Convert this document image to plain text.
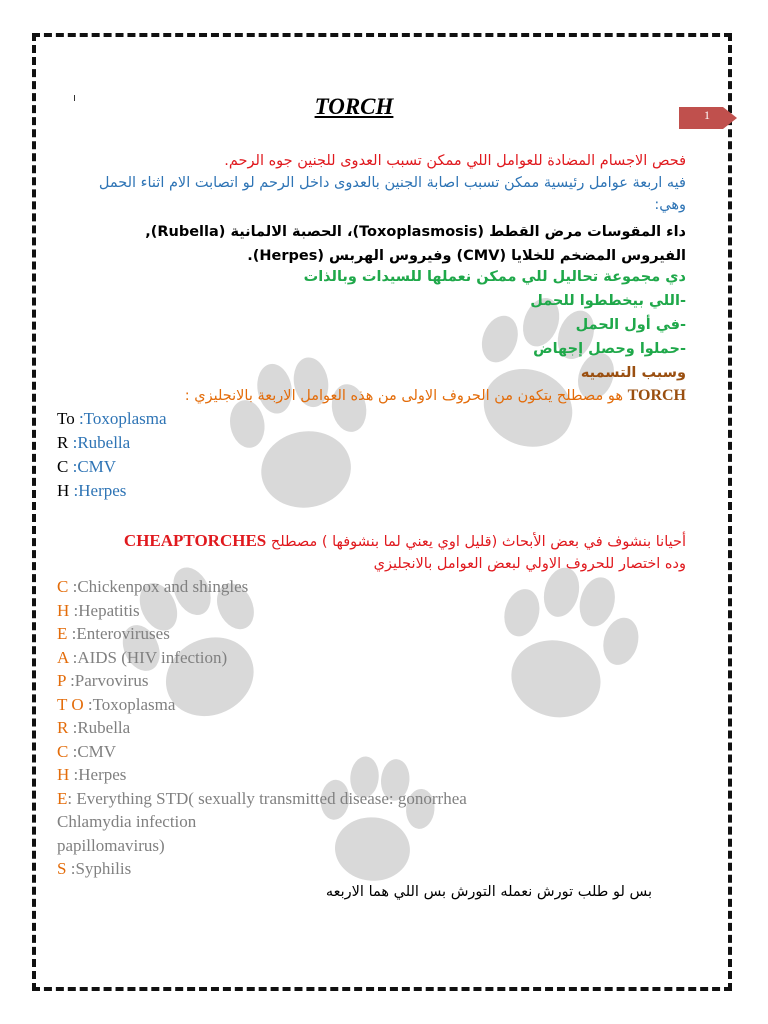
1
TORCH
فحص الاجسام المضادة للعوامل اللي ممكن تسبب العدوى للجنين جوه الرحم.
فيه اربعة عوامل رئيسية ممكن تسبب اصابة الجنين بالعدوى داخل الرحم لو اتصابت الام اثناء الحمل وهي:
داء المقوسات مرض القطط (Toxoplasmosis)، الحصبة الالمانية (Rubella), الفيروس المضخم للخلايا (CMV) وفيروس الهربس (Herpes).
دي مجموعة تحاليل للي ممكن نعملها للسيدات وبالذات
-اللي بيخططوا للحمل
-في أول الحمل
-حملوا وحصل إجهاض
وسبب التسميه
TORCH هو مصطلح يتكون من الحروف الاولى من هذه العوامل الاربعة بالانجليزي :
To :Toxoplasma
R :Rubella
C :CMV
H :Herpes
أحيانا بنشوف في بعض الأبحاث (قليل اوي يعني لما بنشوفها ) مصطلح CHEAPTORCHES
وده اختصار للحروف الاولي لبعض العوامل بالانجليزي
C :Chickenpox and shingles
H :Hepatitis
E :Enteroviruses
A :AIDS (HIV infection)
P :Parvovirus
T O :Toxoplasma
R :Rubella
C :CMV
H :Herpes
E: Everything STD( sexually transmitted disease: gonorrhea
Chlamydia infection
papillomavirus)
S :Syphilis
بس لو طلب تورش نعمله التورش بس اللي هما الاربعه
